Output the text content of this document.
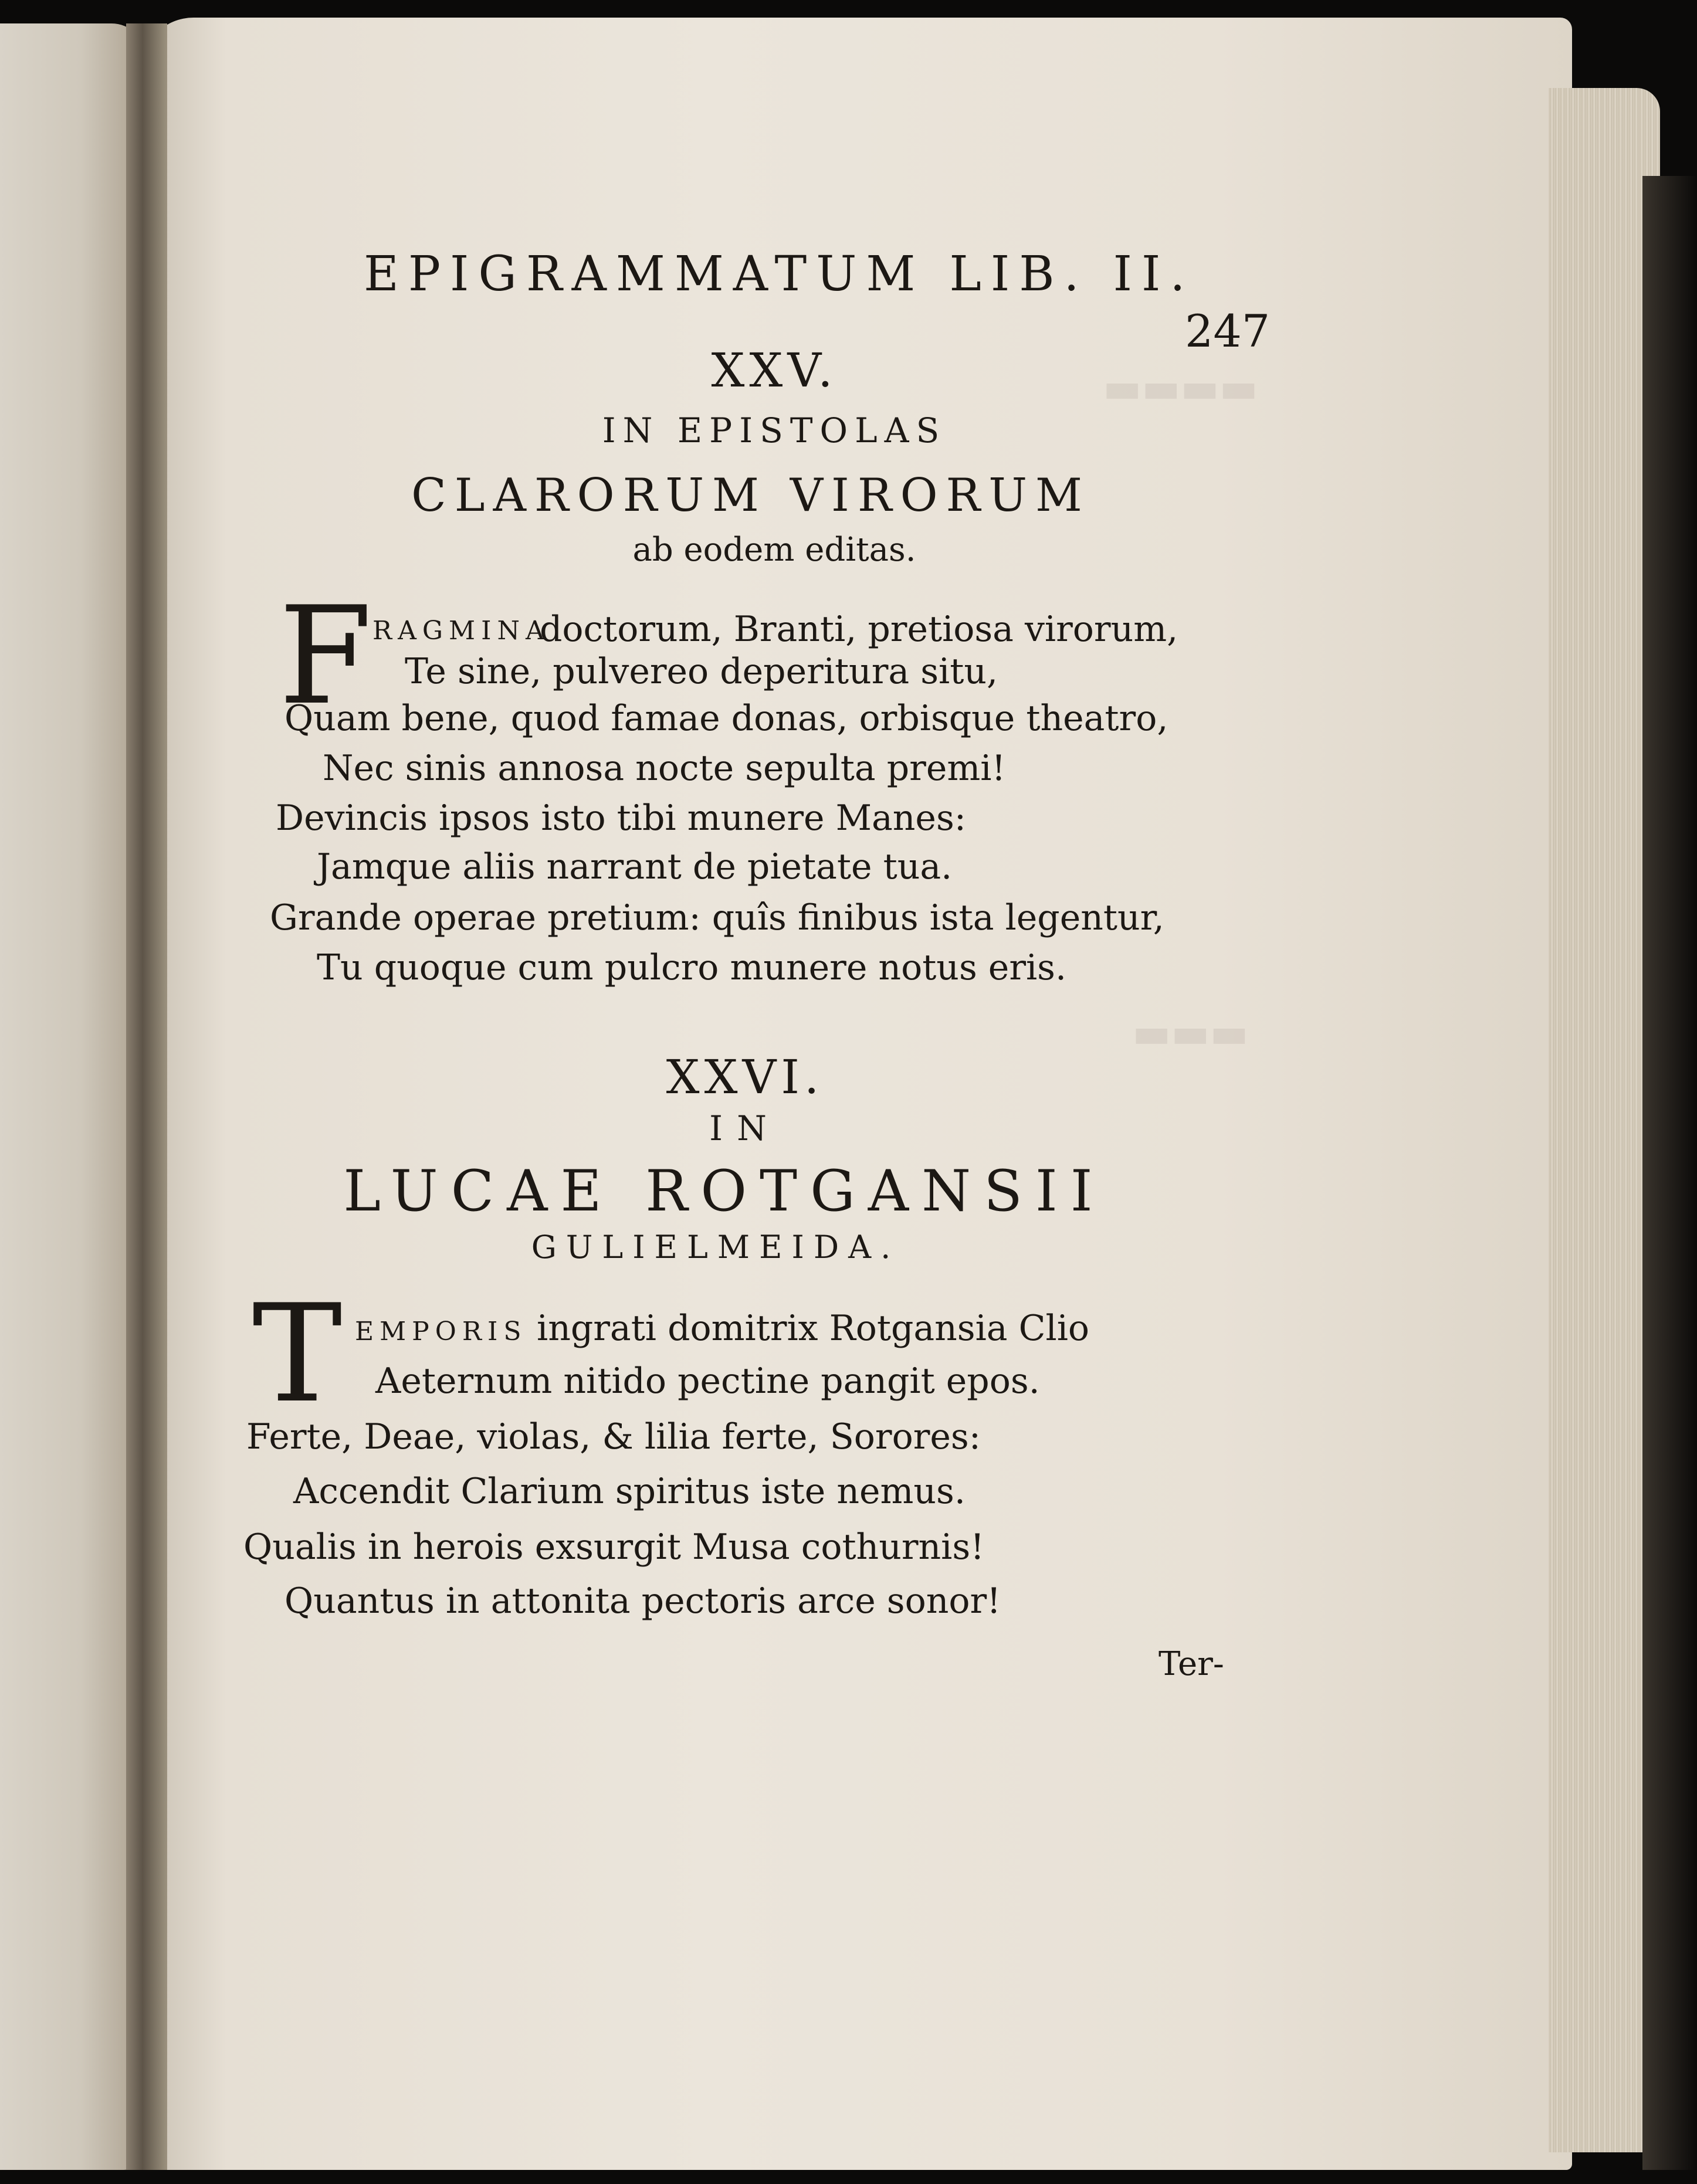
▬▬▬▬
▬▬▬
EPIGRAMMATUM LIB. II.
247
XXV.
IN EPISTOLAS
CLARORUM VIRORUM
ab eodem editas.
F RAGMINA
doctorum, Branti, pretiosa virorum,
Te sine, pulvereo deperitura situ,
Quam bene, quod famae donas, orbisque theatro,
Nec sinis annosa nocte sepulta premi!
Devincis ipsos isto tibi munere Manes:
Jamque aliis narrant de pietate tua.
Grande operae pretium: quîs finibus ista legentur,
Tu quoque cum pulcro munere notus eris.
XXVI.
IN
LUCAE ROTGANSII
GULIELMEIDA.
T EMPORIS ingrati domitrix Rotgansia Clio
Aeternum nitido pectine pangit epos.
Ferte, Deae, violas, & lilia ferte, Sorores:
Accendit Clarium spiritus iste nemus.
Qualis in herois exsurgit Musa cothurnis!
Quantus in attonita pectoris arce sonor!
Ter-
